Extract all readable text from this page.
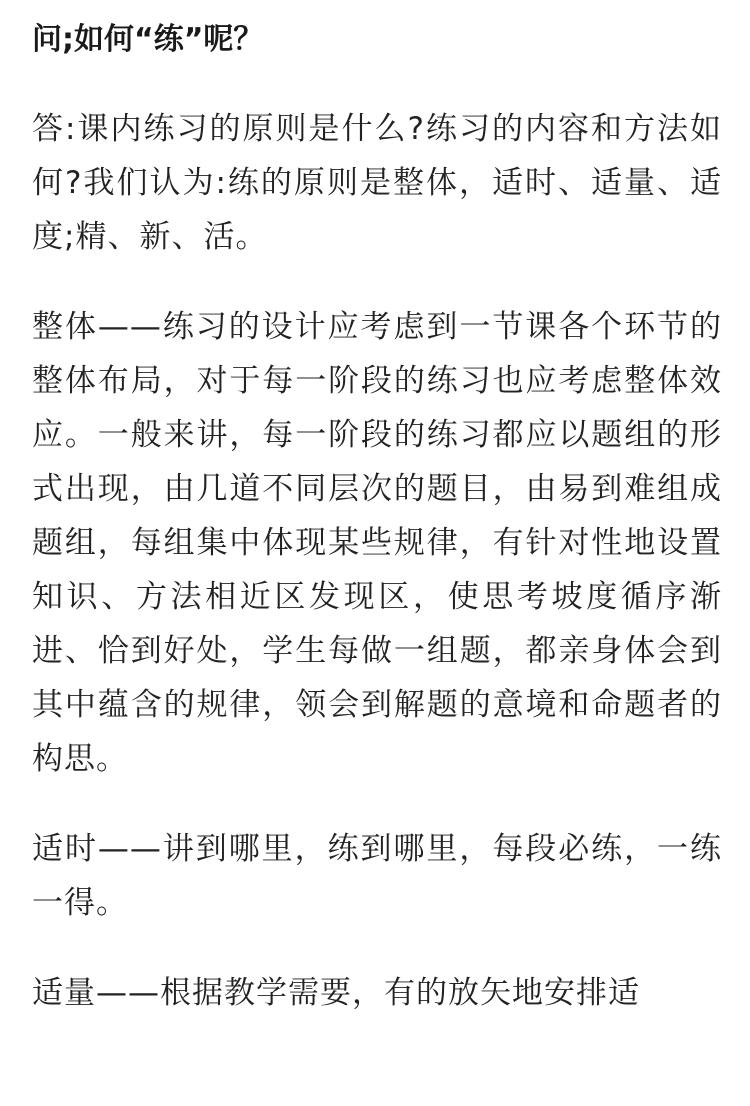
问;如何“练”呢？
答:课内练习的原则是什么?练习的内容和方法如何?我们认为:练的原则是整体，适时、适量、适度;精、新、活。
整体——练习的设计应考虑到一节课各个环节的整体布局，对于每一阶段的练习也应考虑整体效应。一般来讲，每一阶段的练习都应以题组的形式出现，由几道不同层次的题目，由易到难组成题组，每组集中体现某些规律，有针对性地设置知识、方法相近区发现区，使思考坡度循序渐进、恰到好处，学生每做一组题，都亲身体会到其中蕴含的规律，领会到解题的意境和命题者的构思。
适时——讲到哪里，练到哪里，每段必练，一练一得。
适量——根据教学需要，有的放矢地安排适
